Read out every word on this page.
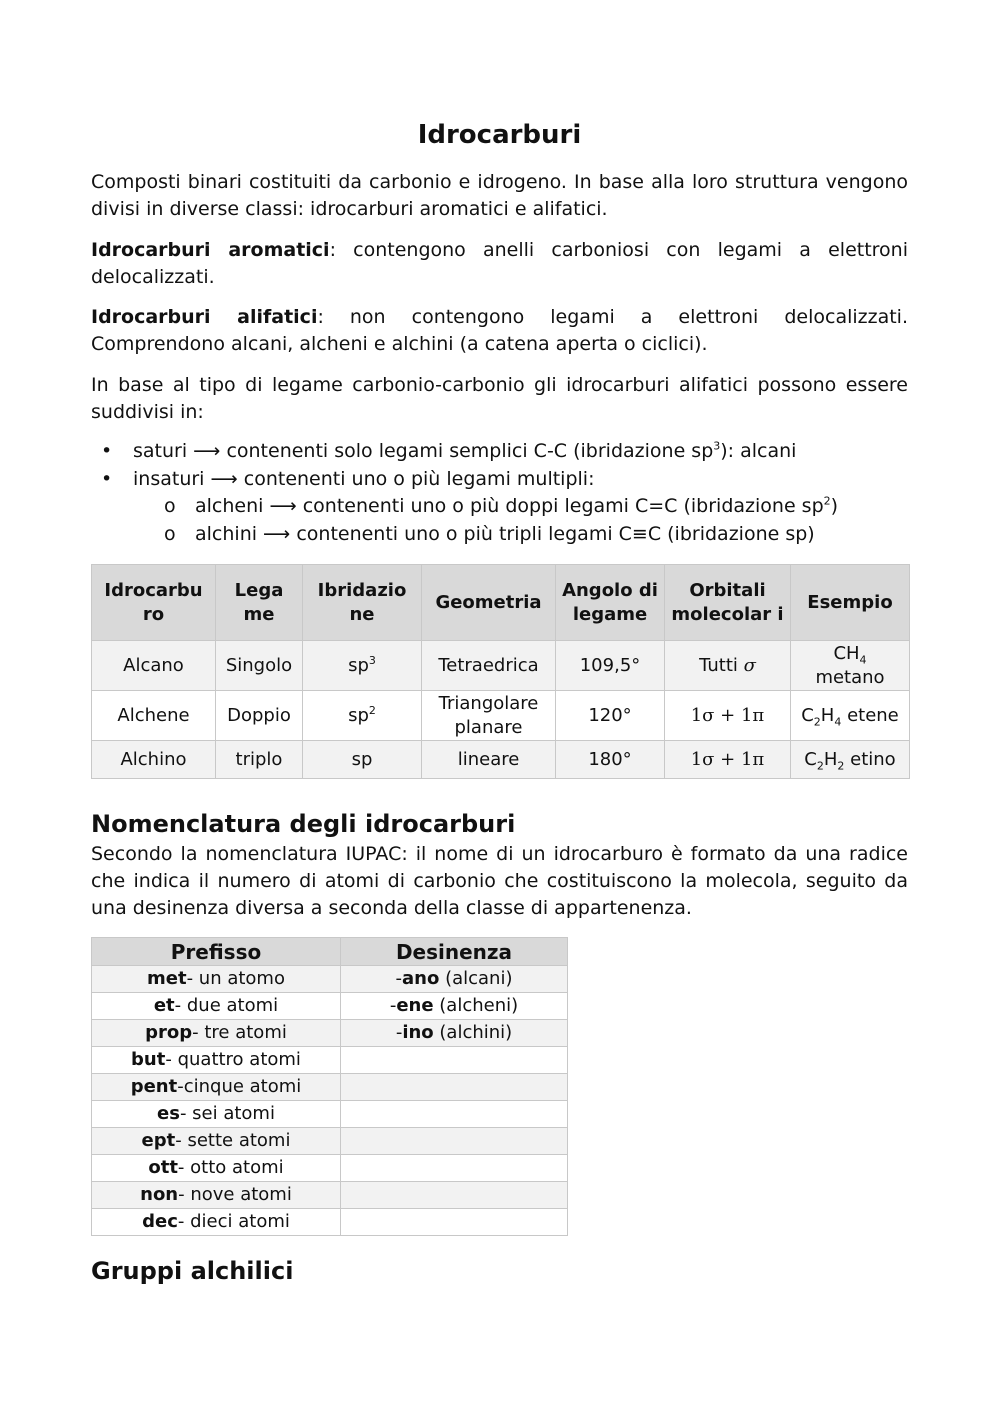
Idrocarburi

Composti binari costituiti da carbonio e idrogeno. In base alla loro struttura vengono divisi in diverse classi: idrocarburi aromatici e alifatici.

Idrocarburi aromatici: contengono anelli carboniosi con legami a elettroni delocalizzati.

Idrocarburi alifatici: non contengono legami a elettroni delocalizzati. Comprendono alcani, alcheni e alchini (a catena aperta o ciclici).

In base al tipo di legame carbonio-carbonio gli idrocarburi alifatici possono essere suddivisi in:

•	saturi ⟶ contenenti solo legami semplici C-C (ibridazione $sp^3$): alcani
•	insaturi ⟶ contenenti uno o più legami multipli:
o	alcheni ⟶ contenenti uno o più doppi legami C=C (ibridazione $sp^2$)
o	alchini ⟶ contenenti uno o più tripli legami C≡C (ibridazione sp)
Idrocarbu ro	Lega me	Ibridazio ne	Geometria	Angolo di legame	Orbitali molecolar i	Esempio
Alcano	Singolo	$sp^3$	Tetraedrica	109,5°	Tutti σ	$CH_4$
metano
Alchene	Doppio	$sp^2$	Triangolare planare	120°	1σ + 1π	$C_2H_4$ etene
Alchino	triplo	sp	lineare	180°	1σ + 1π	$C_2H_2$ etino
Nomenclatura degli idrocarburi

Secondo la nomenclatura IUPAC: il nome di un idrocarburo è formato da una radice che indica il numero di atomi di carbonio che costituiscono la molecola, seguito da una desinenza diversa a seconda della classe di appartenenza.

Prefisso	Desinenza
met- un atomo	-ano (alcani)
et- due atomi	-ene (alcheni)
prop- tre atomi	-ino (alchini)
but- quattro atomi	
pent-cinque atomi	
es- sei atomi	
ept- sette atomi	
ott- otto atomi	
non- nove atomi	
dec- dieci atomi	
Gruppi alchilici
